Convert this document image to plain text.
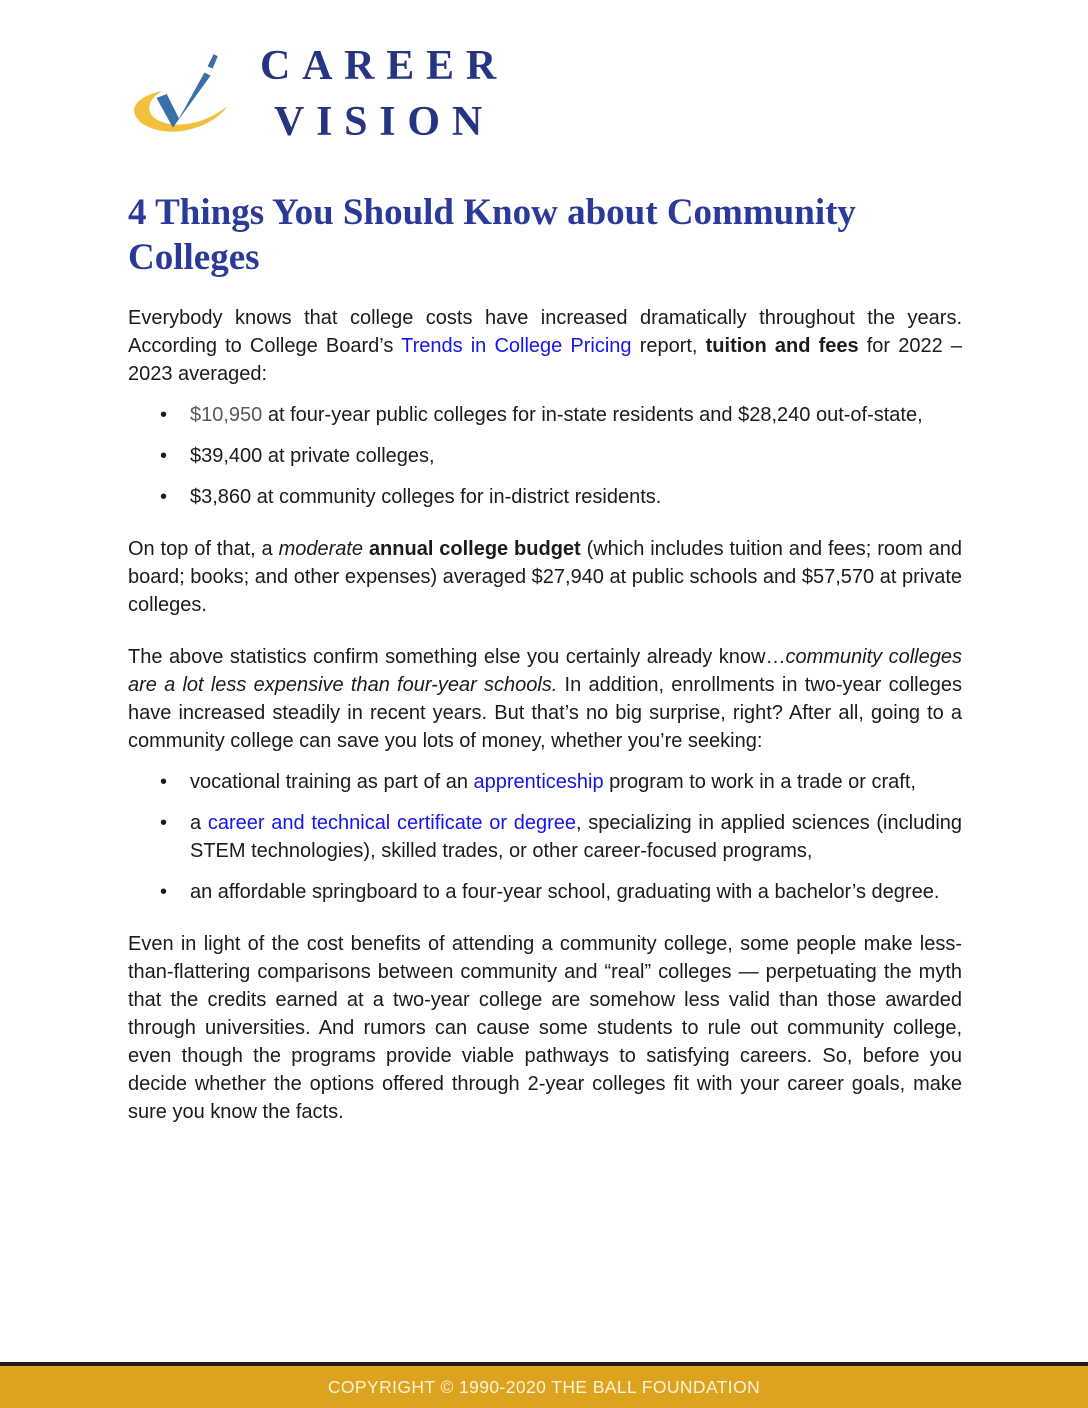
CAREER
VISION
4 Things You Should Know about Community Colleges

Everybody knows that college costs have increased dramatically throughout the years. According to College Board’s Trends in College Pricing report, tuition and fees for 2022 – 2023 averaged:

• $10,950 at four-year public colleges for in-state residents and $28,240 out-of-state,
• $39,400 at private colleges,
• $3,860 at community colleges for in-district residents.

On top of that, a moderate annual college budget (which includes tuition and fees; room and board; books; and other expenses) averaged $27,940 at public schools and $57,570 at private colleges.

The above statistics confirm something else you certainly already know…community colleges are a lot less expensive than four-year schools. In addition, enrollments in two-year colleges have increased steadily in recent years. But that’s no big surprise, right? After all, going to a community college can save you lots of money, whether you’re seeking:

• vocational training as part of an apprenticeship program to work in a trade or craft,
• a career and technical certificate or degree, specializing in applied sciences (including STEM technologies), skilled trades, or other career-focused programs,
• an affordable springboard to a four-year school, graduating with a bachelor’s degree.

Even in light of the cost benefits of attending a community college, some people make less-than-flattering comparisons between community and “real” colleges — perpetuating the myth that the credits earned at a two-year college are somehow less valid than those awarded through universities. And rumors can cause some students to rule out community college, even though the programs provide viable pathways to satisfying careers. So, before you decide whether the options offered through 2-year colleges fit with your career goals, make sure you know the facts.

COPYRIGHT © 1990-2020 THE BALL FOUNDATION
